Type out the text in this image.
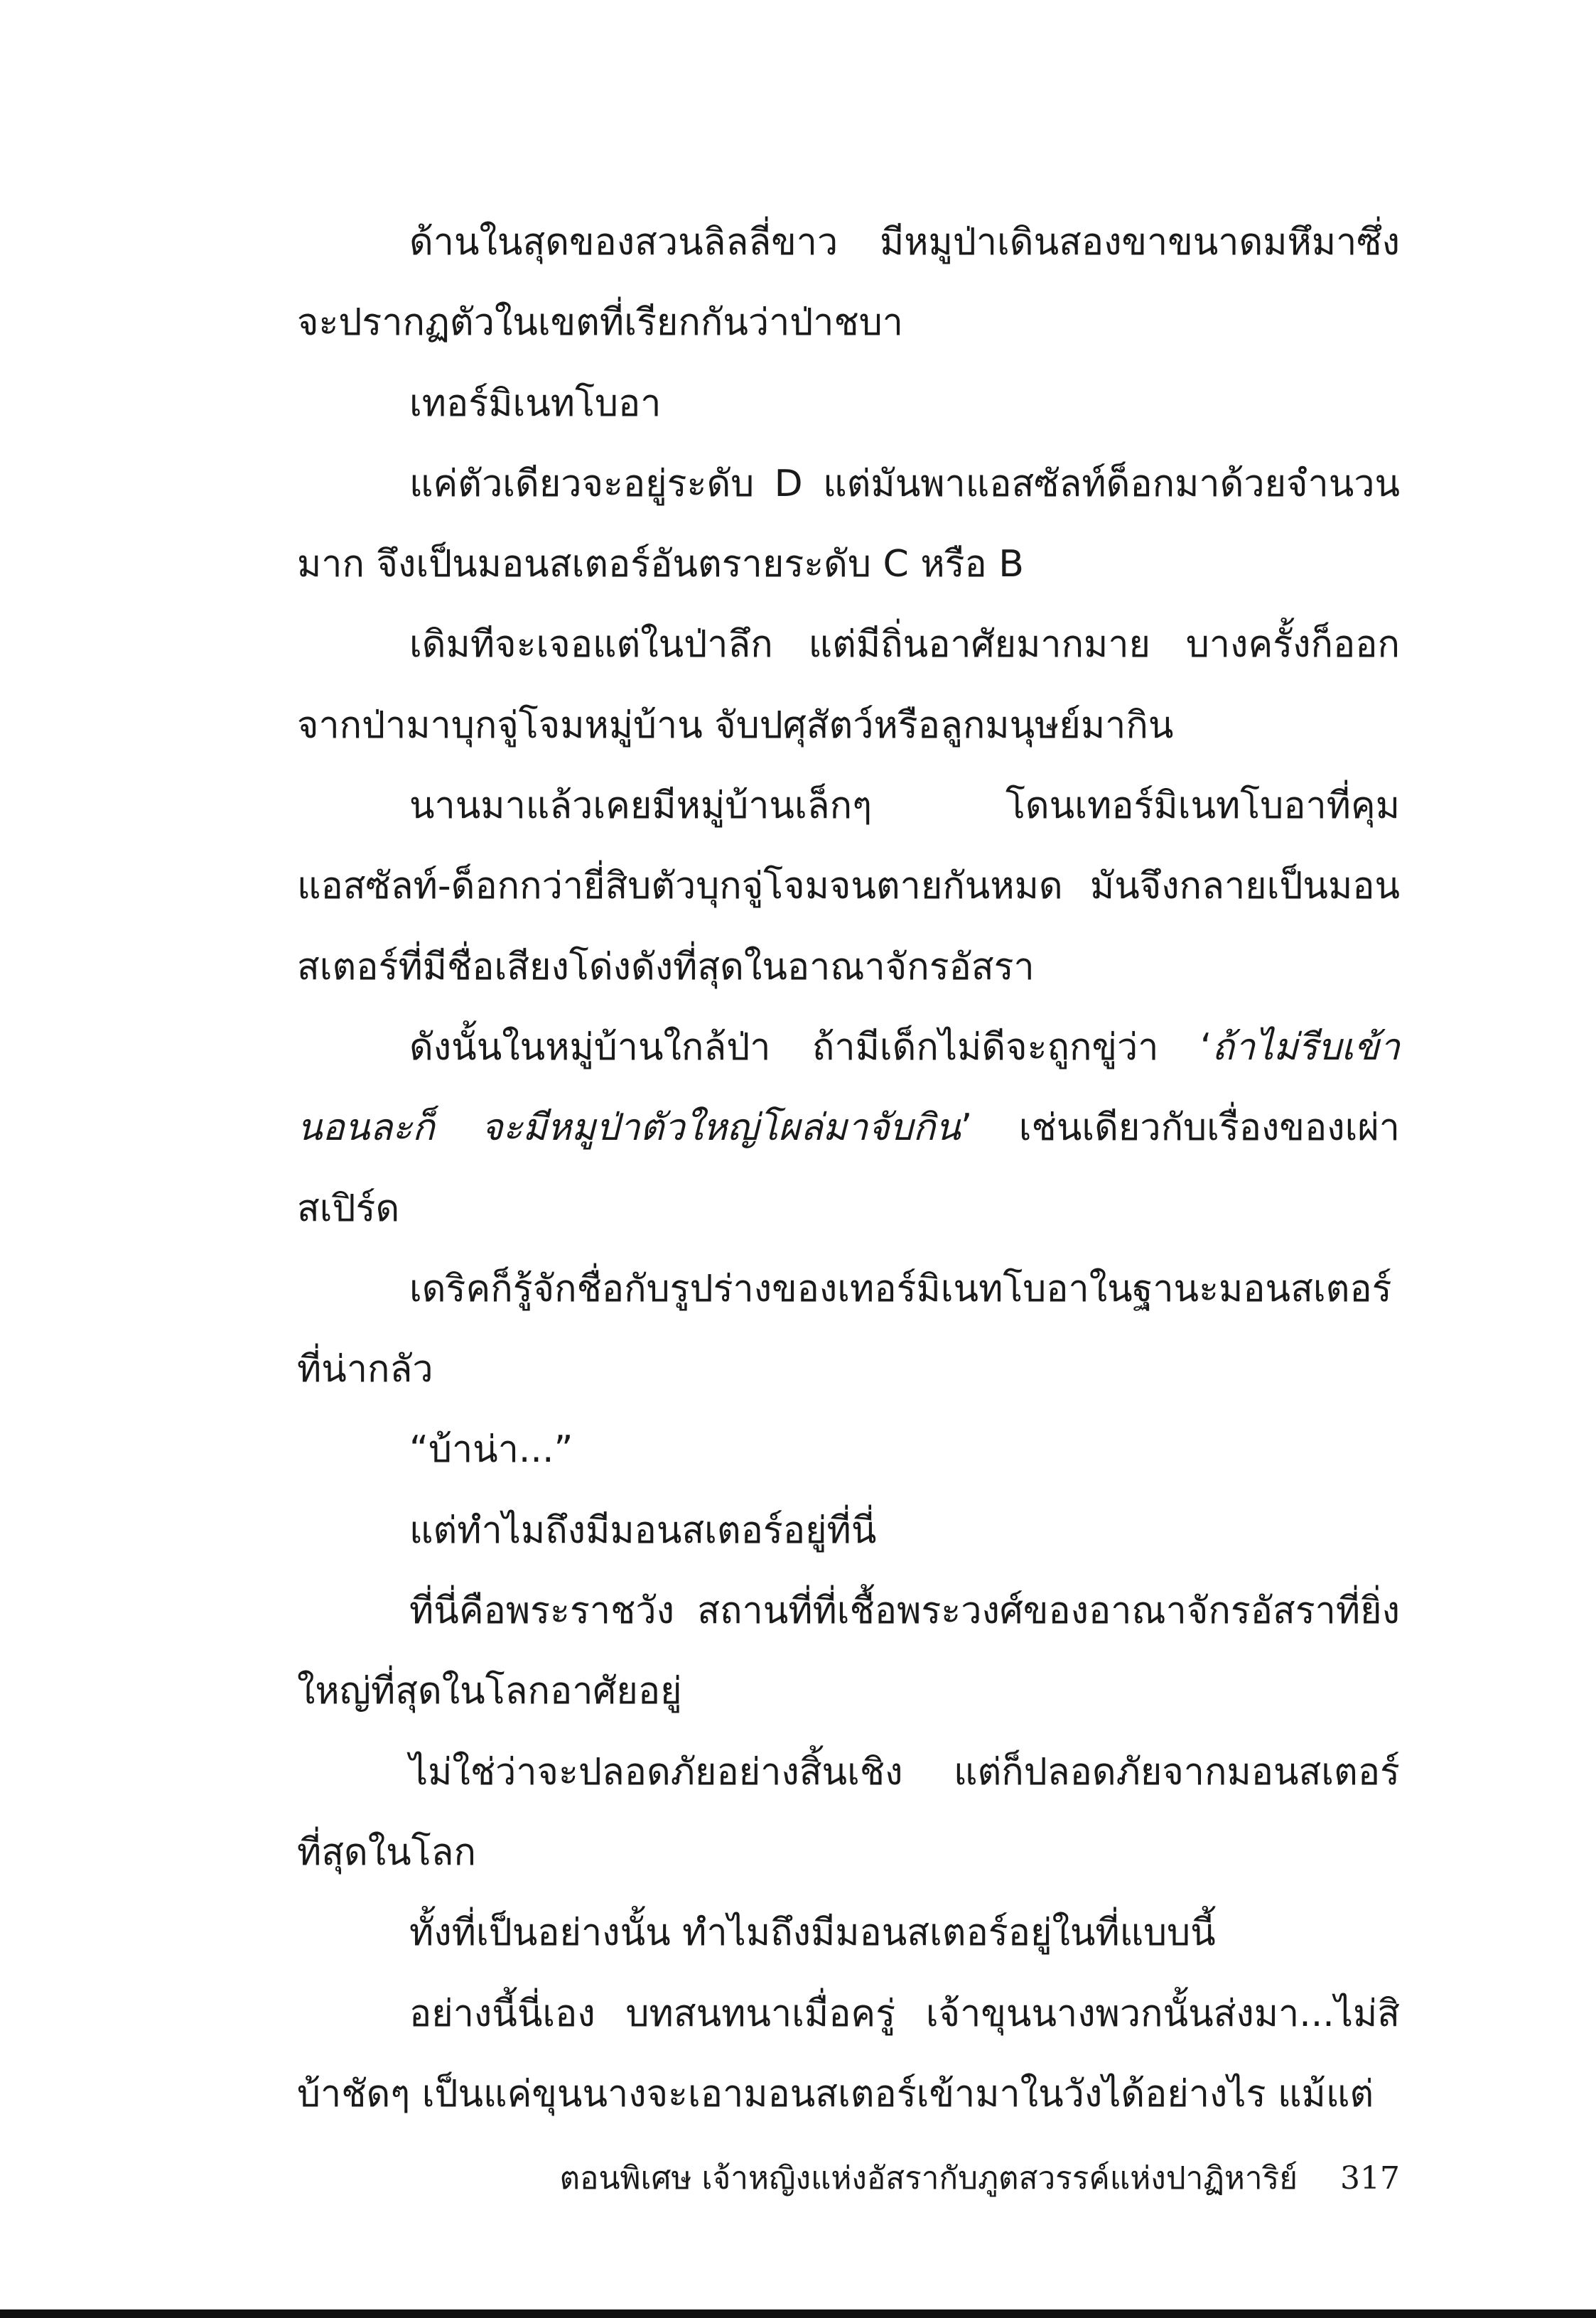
ด้านในสุดของสวนลิลลี่ขาว มีหมูป่าเดินสองขาขนาดมหึมาซึ่งจะปรากฏตัวในเขตที่เรียกกันว่าป่าชบา

เทอร์มิเนทโบอา

แค่ตัวเดียวจะอยู่ระดับ D แต่มันพาแอสซัลท์ด็อกมาด้วยจำนวนมาก จึงเป็นมอนสเตอร์อันตรายระดับ C หรือ B

เดิมทีจะเจอแต่ในป่าลึก แต่มีถิ่นอาศัยมากมาย บางครั้งก็ออกจากป่ามาบุกจู่โจมหมู่บ้าน จับปศุสัตว์หรือลูกมนุษย์มากิน

นานมาแล้วเคยมีหมู่บ้านเล็กๆ โดนเทอร์มิเนทโบอาที่คุมแอสซัลท์-ด็อกกว่ายี่สิบตัวบุกจู่โจมจนตายกันหมด มันจึงกลายเป็นมอนสเตอร์ที่มีชื่อเสียงโด่งดังที่สุดในอาณาจักรอัสรา

ดังนั้นในหมู่บ้านใกล้ป่า ถ้ามีเด็กไม่ดีจะถูกขู่ว่า ‘ถ้าไม่รีบเข้านอนละก็ จะมีหมูป่าตัวใหญ่โผล่มาจับกิน’ เช่นเดียวกับเรื่องของเผ่าสเปิร์ด

เดริคก็รู้จักชื่อกับรูปร่างของเทอร์มิเนทโบอาในฐานะมอนสเตอร์ที่น่ากลัว

“บ้าน่า...”

แต่ทำไมถึงมีมอนสเตอร์อยู่ที่นี่

ที่นี่คือพระราชวัง สถานที่ที่เชื้อพระวงศ์ของอาณาจักรอัสราที่ยิ่งใหญ่ที่สุดในโลกอาศัยอยู่

ไม่ใช่ว่าจะปลอดภัยอย่างสิ้นเชิง แต่ก็ปลอดภัยจากมอนสเตอร์ที่สุดในโลก

ทั้งที่เป็นอย่างนั้น ทำไมถึงมีมอนสเตอร์อยู่ในที่แบบนี้

อย่างนี้นี่เอง บทสนทนาเมื่อครู่ เจ้าขุนนางพวกนั้นส่งมา...ไม่สิ บ้าชัดๆ เป็นแค่ขุนนางจะเอามอนสเตอร์เข้ามาในวังได้อย่างไร แม้แต่

ตอนพิเศษ เจ้าหญิงแห่งอัสรากับภูตสวรรค์แห่งปาฏิหาริย์ 317
